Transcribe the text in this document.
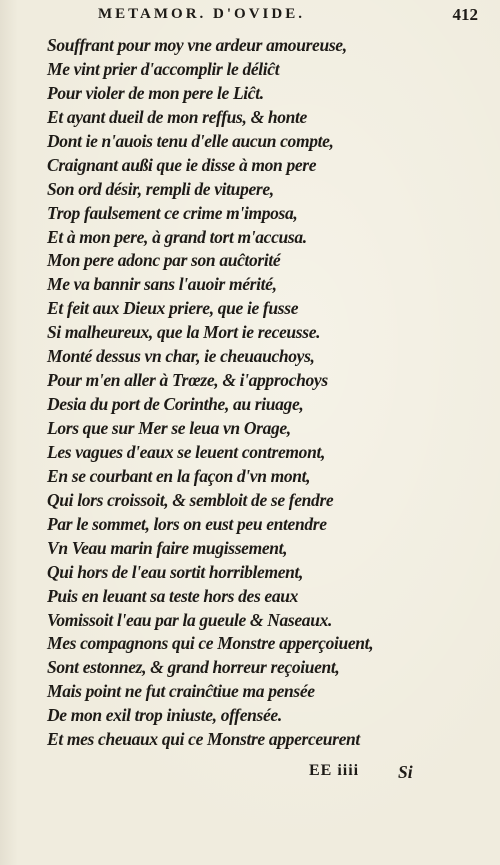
METAMOR. D'OVIDE.	412
Souffrant pour moy vne ardeur amoureuse,
Me vint prier d'accomplir le déliĉt
Pour violer de mon pere le Liĉt.
Et ayant dueil de mon reffus, & honte
Dont ie n'auois tenu d'elle aucun compte,
Craignant außi que ie disse à mon pere
Son ord désir, rempli de vitupere,
Trop faulsement ce crime m'imposa,
Et à mon pere, à grand tort m'accusa.
Mon pere adonc par son auĉtorité
Me va bannir sans l'auoir mérité,
Et feit aux Dieux priere, que ie fusse
Si malheureux, que la Mort ie receusse.
Monté dessus vn char, ie cheuauchoys,
Pour m'en aller à Trœze, & i'approchoys
Desia du port de Corinthe, au riuage,
Lors que sur Mer se leua vn Orage,
Les vagues d'eaux se leuent contremont,
En se courbant en la façon d'vn mont,
Qui lors croissoit, & sembloit de se fendre
Par le sommet, lors on eust peu entendre
Vn Veau marin faire mugissement,
Qui hors de l'eau sortit horriblement,
Puis en leuant sa teste hors des eaux
Vomissoit l'eau par la gueule & Naseaux.
Mes compagnons qui ce Monstre apperçoiuent,
Sont estonnez, & grand horreur reçoiuent,
Mais point ne fut crainĉtiue ma pensée
De mon exil trop iniuste, offensée.
Et mes cheuaux qui ce Monstre apperceurent
EE iiii Si
